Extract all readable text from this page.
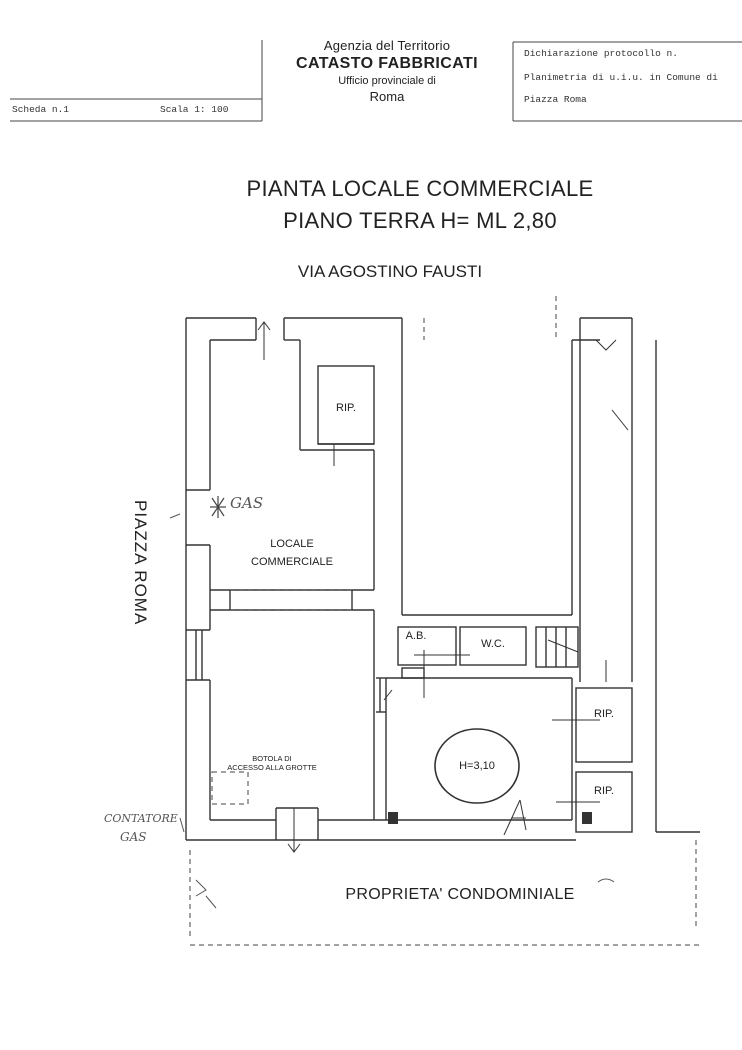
Agenzia del Territorio
CATASTO FABBRICATI
Ufficio provinciale di
Roma
Scheda n.1	Scala 1: 100
Dichiarazione protocollo n.
Planimetria di u.i.u. in Comune di
Piazza Roma
PIANTA LOCALE COMMERCIALE
PIANO TERRA H= ML 2,80
VIA AGOSTINO FAUSTI
PIAZZA ROMA
RIP.
LOCALE
COMMERCIALE
A.B.
W.C.
RIP.
RIP.
H=3,10
BOTOLA DI
ACCESSO ALLA GROTTE
GAS
CONTATORE
GAS
PROPRIETA' CONDOMINIALE
